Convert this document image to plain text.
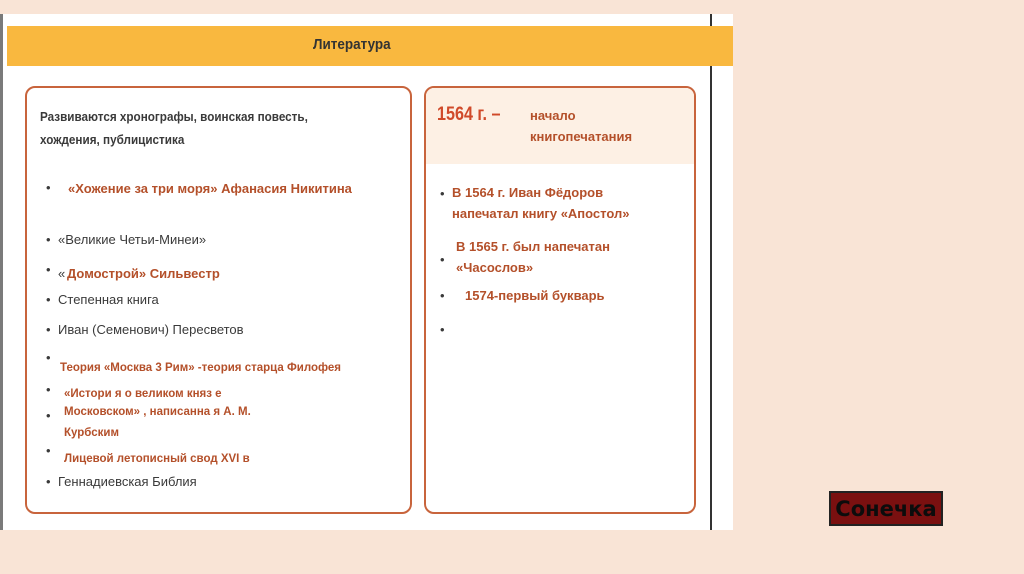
Литература
Развиваются хронографы, воинская повесть,
хождения, публицистика
• «Хожение за три моря» Афанасия Никитина
• «Великие Четьи-Минеи»
• « Домострой» Сильвестр
• Степенная книга
• Иван (Семенович) Пересветов
•
Теория «Москва 3 Рим» -теория старца Филофея
• «Истори я о великом княз е
• Московском» , написанна я А. М.
Курбским
•
Лицевой летописный свод XVI в
• Геннадиевская Библия
1564 г. – начало
книгопечатания
• В 1564 г. Иван Фёдоров
напечатал книгу «Апостол»
•
В 1565 г. был напечатан
«Часослов»
• 1574-первый букварь
•
Сонечка
